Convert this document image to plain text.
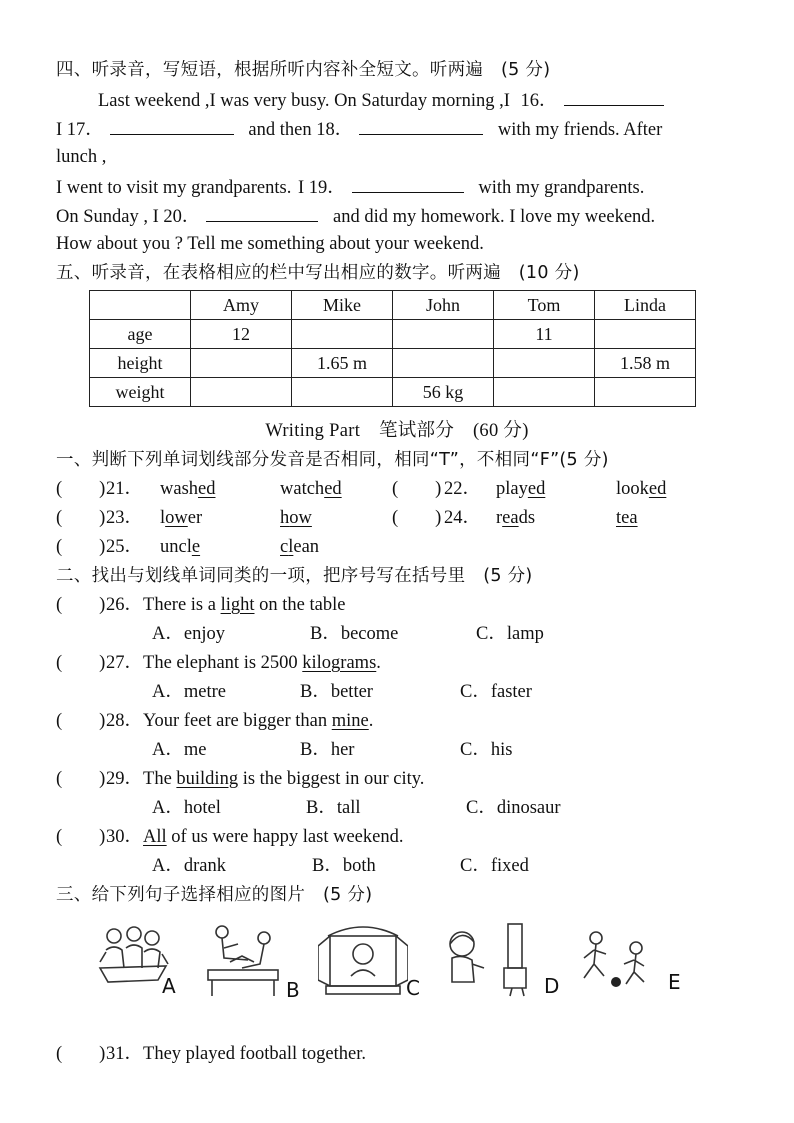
四、听录音，写短语，根据所听内容补全短文。听两遍　(5 分)
Last weekend ,I was very busy. On Saturday morning ,I 16．
I 17．	and then 18．	with my friends. After
lunch ,
I went to visit my grandparents. I 19．	with my grandparents.
On Sunday , I 20．	and did my homework. I love my weekend.
How about you ? Tell me something about your weekend.
五、听录音，在表格相应的栏中写出相应的数字。听两遍　(10 分)
	Amy	Mike	John	Tom	Linda
age	12			11	
height		1.65 m			1.58 m
weight			56 kg		
Writing Part　笔试部分　(60 分)
一、判断下列单词划线部分发音是否相同，相同“T”，不相同“F”(5 分)
(　　) 21． washed	watched	(　　) 22． played	looked
(　　) 23． lower	how	(　　) 24． reads	tea
(　　) 25． uncle	clean
二、找出与划线单词同类的一项，把序号写在括号里　(5 分)
(　　) 26．There is a light on the table
A．enjoy	B．become	C．lamp
(　　) 27．The elephant is 2500 kilograms.
A．metre	B．better	C．faster
(　　) 28．Your feet are bigger than mine.
A．me	B．her	C．his
(　　) 29．The building is the biggest in our city.
A．hotel	B．tall	C．dinosaur
(　　) 30．All of us were happy last weekend.
A．drank	B．both	C．fixed
三、给下列句子选择相应的图片　(5 分)
A	B	C	D	E
(　　) 31．They played football together.
